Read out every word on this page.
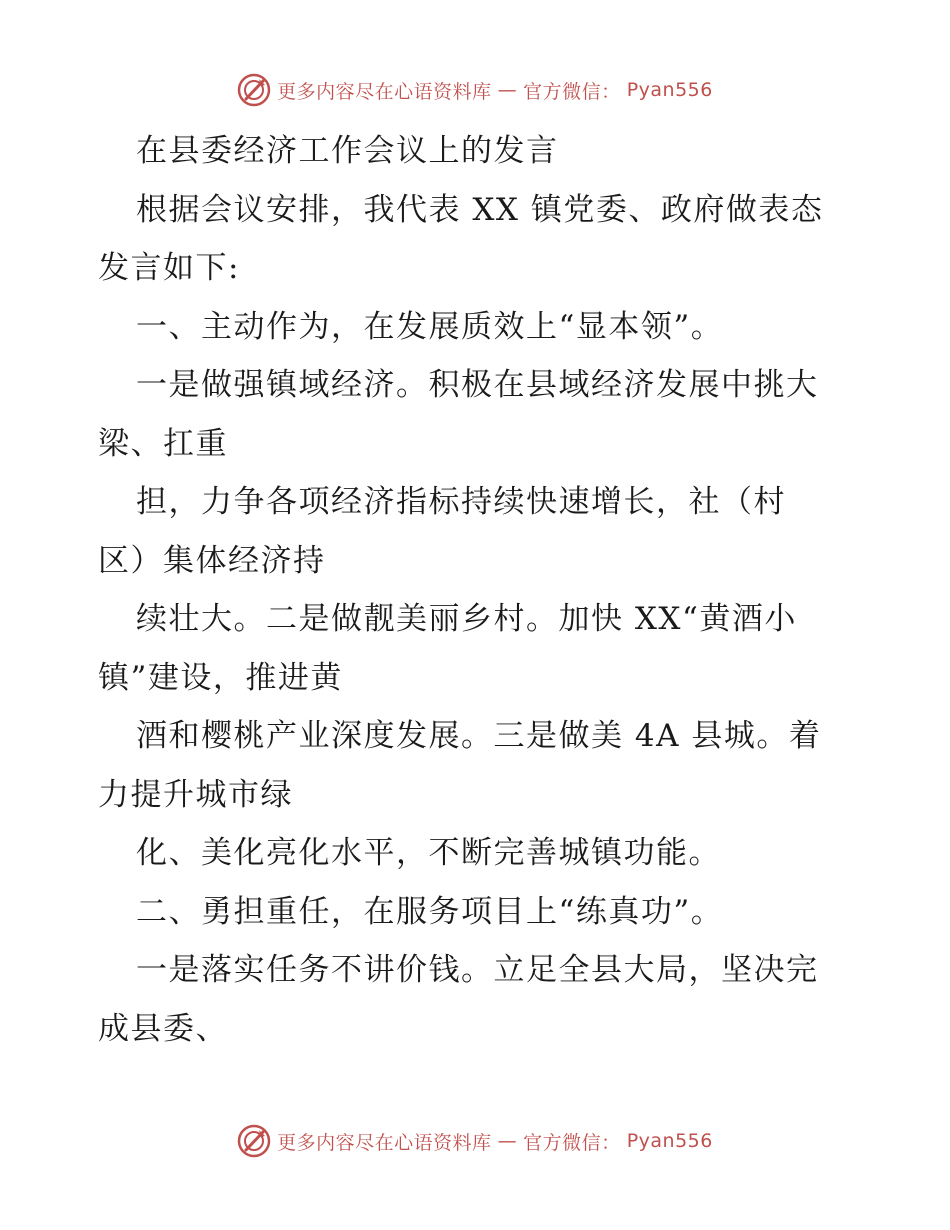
更多内容尽在心语资料库 — 官方微信： Pyan556
在县委经济工作会议上的发言
根据会议安排，我代表 XX 镇党委、政府做表态
发言如下:
一、主动作为，在发展质效上“显本领”。
一是做强镇域经济。积极在县域经济发展中挑大
梁、扛重
担，力争各项经济指标持续快速增长，社（村
区）集体经济持
续壮大。二是做靓美丽乡村。加快 XX“黄酒小
镇”建设，推进黄
酒和樱桃产业深度发展。三是做美 4A 县城。着
力提升城市绿
化、美化亮化水平，不断完善城镇功能。
二、勇担重任，在服务项目上“练真功”。
一是落实任务不讲价钱。立足全县大局，坚决完
成县委、
更多内容尽在心语资料库 — 官方微信： Pyan556
